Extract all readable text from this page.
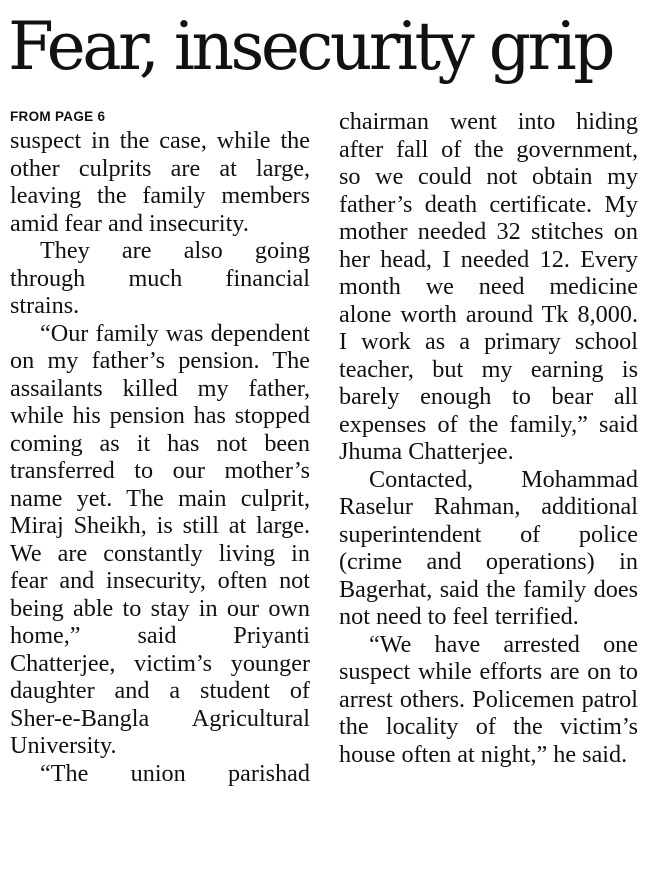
Fear, insecurity grip
FROM PAGE 6

suspect in the case, while the other culprits are at large, leaving the family members amid fear and insecurity.

They are also going through much financial strains.

“Our family was dependent on my father’s pension. The assailants killed my father, while his pension has stopped coming as it has not been transferred to our mother’s name yet. The main culprit, Miraj Sheikh, is still at large. We are constantly living in fear and insecurity, often not being able to stay in our own home,” said Priyanti Chatterjee, victim’s younger daughter and a student of Sher-e-Bangla Agricultural University.

“The union parishad

chairman went into hiding after fall of the government, so we could not obtain my father’s death certificate. My mother needed 32 stitches on her head, I needed 12. Every month we need medicine alone worth around Tk 8,000. I work as a primary school teacher, but my earning is barely enough to bear all expenses of the family,” said Jhuma Chatterjee.

Contacted, Mohammad Raselur Rahman, additional superintendent of police (crime and operations) in Bagerhat, said the family does not need to feel terrified.

“We have arrested one suspect while efforts are on to arrest others. Policemen patrol the locality of the victim’s house often at night,” he said.
